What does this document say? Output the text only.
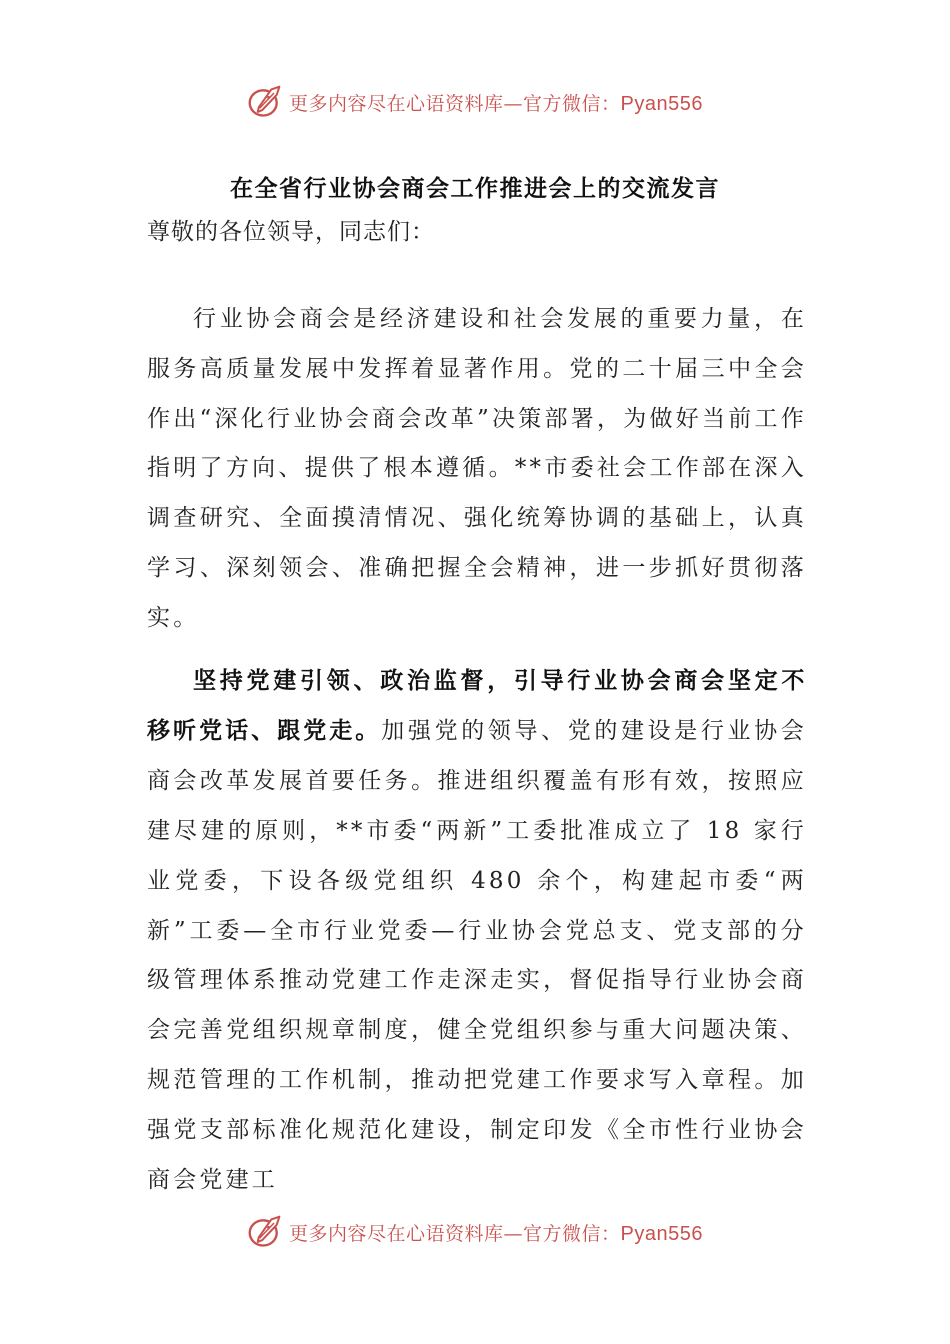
更多内容尽在心语资料库—官方微信：Pyan556
在全省行业协会商会工作推进会上的交流发言

尊敬的各位领导，同志们：

行业协会商会是经济建设和社会发展的重要力量，在服务高质量发展中发挥着显著作用。党的二十届三中全会作出“深化行业协会商会改革”决策部署，为做好当前工作指明了方向、提供了根本遵循。**市委社会工作部在深入调查研究、全面摸清情况、强化统筹协调的基础上，认真学习、深刻领会、准确把握全会精神，进一步抓好贯彻落实。

坚持党建引领、政治监督，引导行业协会商会坚定不移听党话、跟党走。加强党的领导、党的建设是行业协会商会改革发展首要任务。推进组织覆盖有形有效，按照应建尽建的原则，**市委“两新”工委批准成立了 18 家行业党委，下设各级党组织 480 余个，构建起市委“两新”工委—全市行业党委—行业协会党总支、党支部的分级管理体系推动党建工作走深走实，督促指导行业协会商会完善党组织规章制度，健全党组织参与重大问题决策、规范管理的工作机制，推动把党建工作要求写入章程。加强党支部标准化规范化建设，制定印发《全市性行业协会商会党建工

更多内容尽在心语资料库—官方微信：Pyan556
